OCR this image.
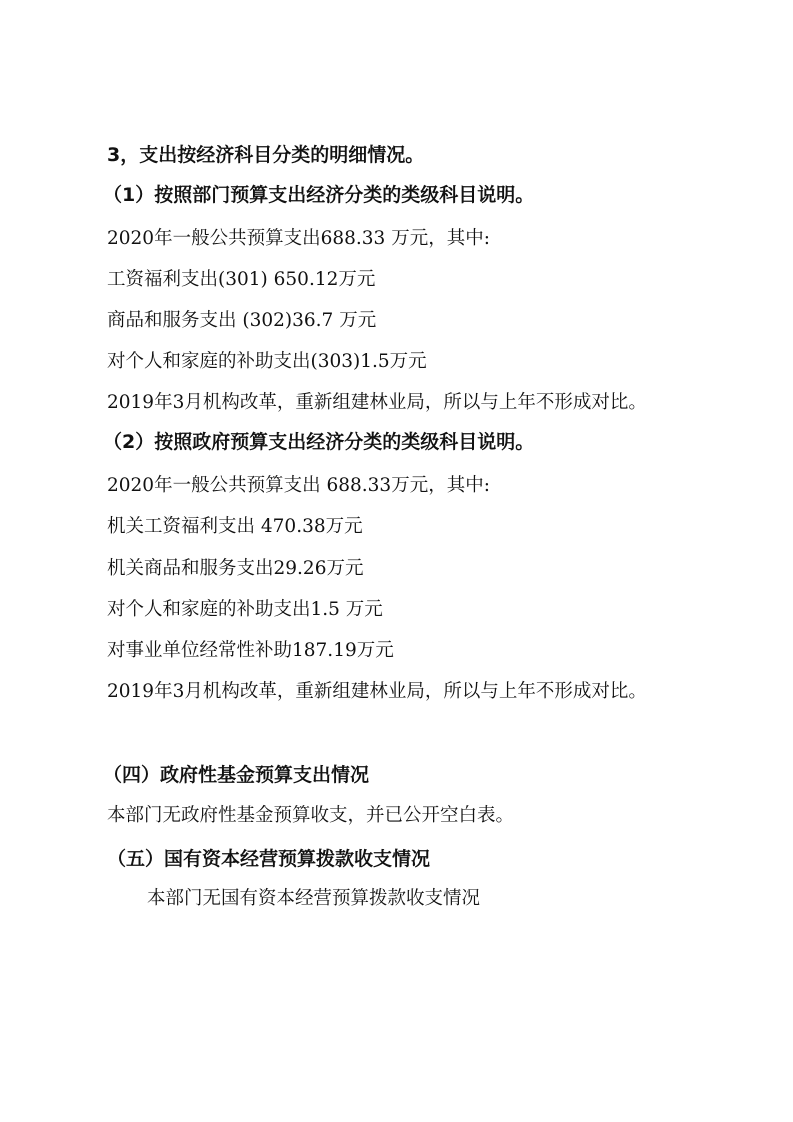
3，支出按经济科目分类的明细情况。
（1）按照部门预算支出经济分类的类级科目说明。
2020年一般公共预算支出688.33 万元，其中:
工资福利支出(301) 650.12万元
商品和服务支出 (302)36.7 万元
对个人和家庭的补助支出(303)1.5万元
2019年3月机构改革，重新组建林业局，所以与上年不形成对比。
（2）按照政府预算支出经济分类的类级科目说明。
2020年一般公共预算支出 688.33万元，其中:
机关工资福利支出 470.38万元
机关商品和服务支出29.26万元
对个人和家庭的补助支出1.5 万元
对事业单位经常性补助187.19万元
2019年3月机构改革，重新组建林业局，所以与上年不形成对比。
（四）政府性基金预算支出情况
本部门无政府性基金预算收支，并已公开空白表。
（五）国有资本经营预算拨款收支情况
本部门无国有资本经营预算拨款收支情况
